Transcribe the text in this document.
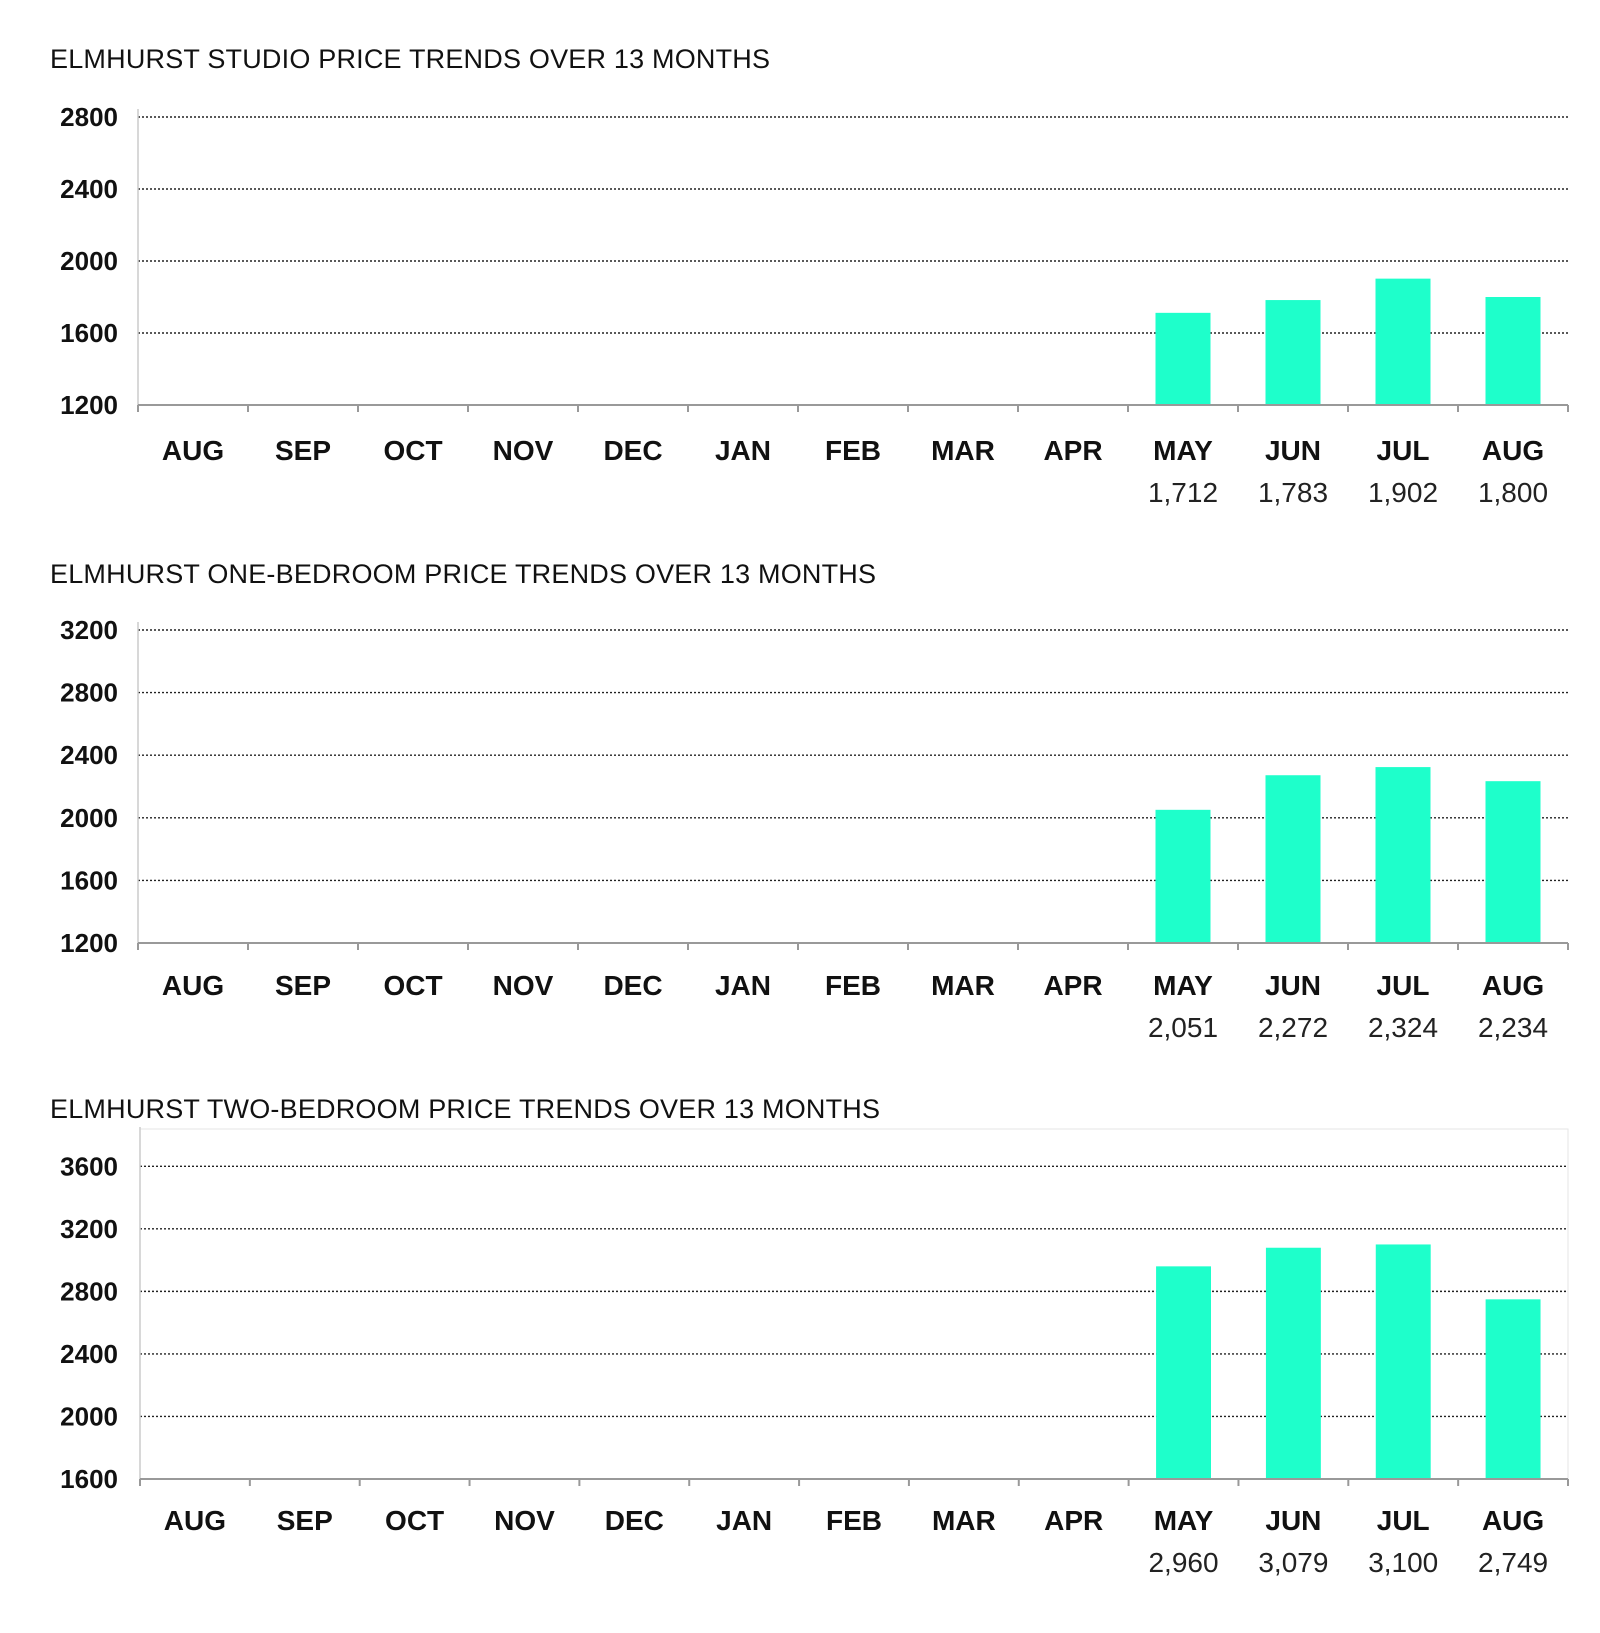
ELMHURST STUDIO PRICE TRENDS OVER 13 MONTHS
1200
1600
2000
2400
2800
AUG SEP OCT NOV DEC JAN FEB MAR APR MAY
1,712
JUN
1,783
JUL
1,902
AUG
1,800
ELMHURST ONE-BEDROOM PRICE TRENDS OVER 13 MONTHS
1200
1600
2000
2400
2800
3200
AUG SEP OCT NOV DEC JAN FEB MAR APR MAY
2,051
JUN
2,272
JUL
2,324
AUG
2,234
ELMHURST TWO-BEDROOM PRICE TRENDS OVER 13 MONTHS
1600
2000
2400
2800
3200
3600
AUG SEP OCT NOV DEC JAN FEB MAR APR MAY
2,960
JUN
3,079
JUL
3,100
AUG
2,749
